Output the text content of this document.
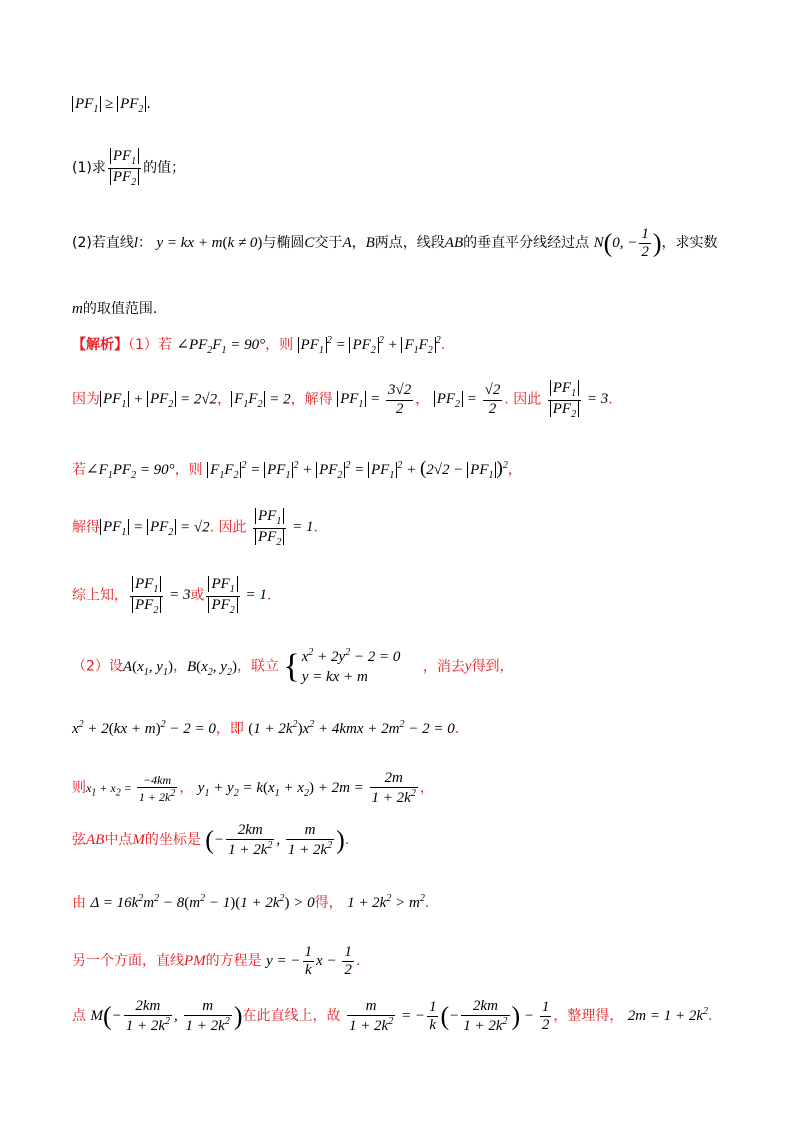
$PF_1 \ge PF_2$ .
(1)求 $\frac{PF_1}{PF_2}$ 的值；
(2)若直线l： y = kx + m(k ≠ 0)与椭圆C交于A，B两点，线段AB的垂直平分线经过点 N(0, − $\frac{1}{2}$ )，求实数
m的取值范围.
【解析】（1）若 $\angle PF_2F_1 = 90^\circ$，则 $PF_1^2 = PF_2^2 + F_1F_2^2$.
因为 $PF_1 + PF_2 = 2√2$， $F_1F_2 = 2$，解得 $PF_1 = \frac{3√2}{2}$ ， $PF_2 = \frac{√2}{2}$ . 因此 $\frac{PF_1}{PF_2} = 3$.
若$\angle F_1PF_2 = 90^\circ$，则 $F_1F_2^2 = PF_1^2 + PF_2^2 = PF_1^2 + (2√2 - PF_1$ )$^2$，
解得 $PF_1 = PF_2 = √2$. 因此 $\frac{PF_1}{PF_2} = 1$.
综上知， $\frac{PF_1}{PF_2} = 3$或 $\frac{PF_1}{PF_2} = 1$.
（2）设$A(x_1$, $y_1$)，$B(x_2$, $y_2$)，联立 { $x^2 + 2y^2 - 2 = 0$
y = kx + m
，消去y得到，
$x^2 + 2(kx + m)^2 - 2 = 0$，即 $(1 + 2k^2)x^2 + 4kmx + 2m^2 - 2 = 0$.
则$x_1 + x_2 = \frac{-4km}{1 + 2k^2}$ ， $y_1 + y_2 = k(x_1 + x_2) + 2m = \frac{2m}{1 + 2k^2}$ ，
弦AB中点M的坐标是 (− $\frac{2km}{1 + 2k^2}$ , $\frac{m}{1 + 2k^2}$ ).
由 $\Delta = 16k^2m^2 - 8(m^2 - 1)(1 + 2k^2) > 0$得， $1 + 2k^2 > m^2$.
另一个方面，直线PM的方程是 y = − $\frac{1}{k}$ $x - \frac{1}{2}$ .
点 $M(- \frac{2km}{1 + 2k^2}$ , $\frac{m}{1 + 2k^2}$ )在此直线上，故 $\frac{m}{1 + 2k^2}$ = − $\frac{1}{k}$ (− $\frac{2km}{1 + 2k^2}$ ) − $\frac{1}{2}$ ，整理得， $2m = 1 + 2k^2$.
